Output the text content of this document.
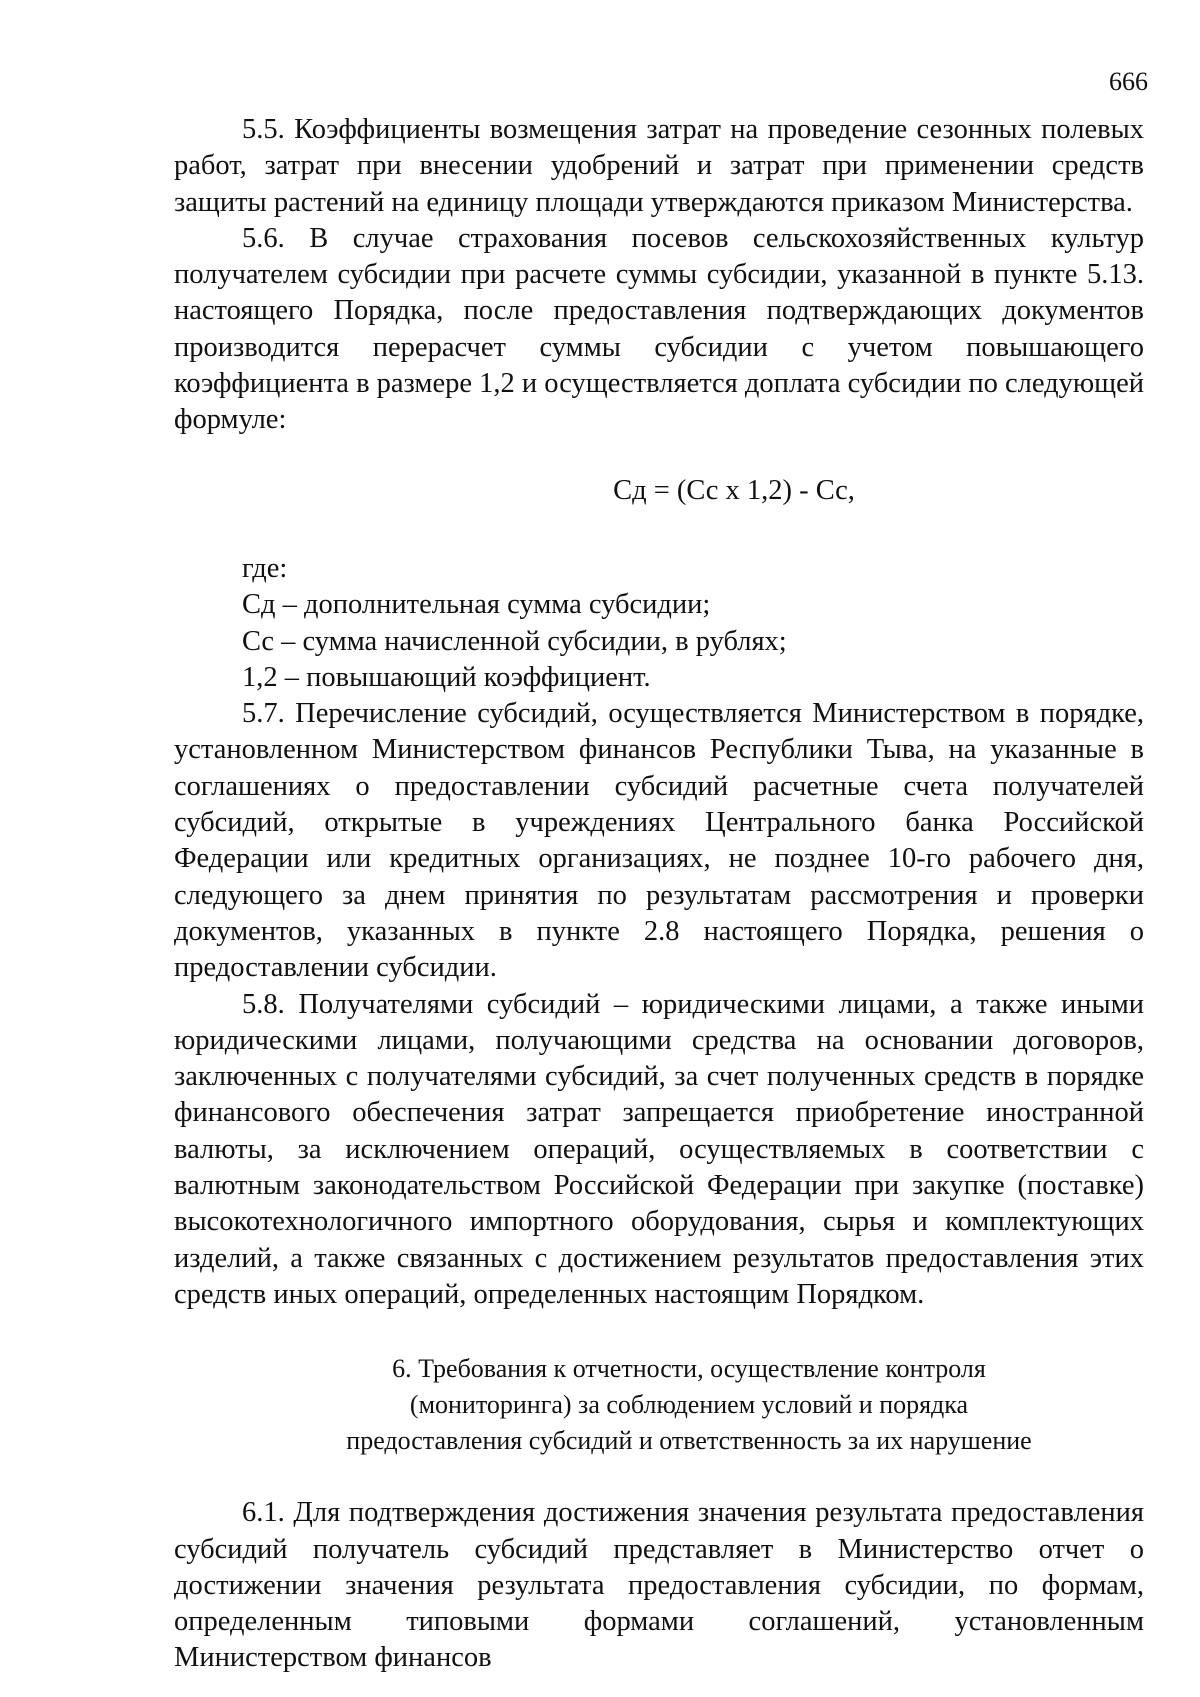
666

5.5. Коэффициенты возмещения затрат на проведение сезонных полевых работ, затрат при внесении удобрений и затрат при применении средств защиты растений на единицу площади утверждаются приказом Министерства.

5.6. В случае страхования посевов сельскохозяйственных культур получателем субсидии при расчете суммы субсидии, указанной в пункте 5.13. настоящего Порядка, после предоставления подтверждающих документов производится перерасчет суммы субсидии с учетом повышающего коэффициента в размере 1,2 и осуществляется доплата субсидии по следующей формуле:

Сд = (Сс х 1,2) - Сс,

где:

Сд – дополнительная сумма субсидии;

Сс – сумма начисленной субсидии, в рублях;

1,2 – повышающий коэффициент.

5.7. Перечисление субсидий, осуществляется Министерством в порядке, установленном Министерством финансов Республики Тыва, на указанные в соглашениях о предоставлении субсидий расчетные счета получателей субсидий, открытые в учреждениях Центрального банка Российской Федерации или кредитных организациях, не позднее 10-го рабочего дня, следующего за днем принятия по результатам рассмотрения и проверки документов, указанных в пункте 2.8 настоящего Порядка, решения о предоставлении субсидии.

5.8. Получателями субсидий – юридическими лицами, а также иными юридическими лицами, получающими средства на основании договоров, заключенных с получателями субсидий, за счет полученных средств в порядке финансового обеспечения затрат запрещается приобретение иностранной валюты, за исключением операций, осуществляемых в соответствии с валютным законодательством Российской Федерации при закупке (поставке) высокотехнологичного импортного оборудования, сырья и комплектующих изделий, а также связанных с достижением результатов предоставления этих средств иных операций, определенных настоящим Порядком.

6. Требования к отчетности, осуществление контроля
(мониторинга) за соблюдением условий и порядка
предоставления субсидий и ответственность за их нарушение

6.1. Для подтверждения достижения значения результата предоставления субсидий получатель субсидий представляет в Министерство отчет о достижении значения результата предоставления субсидии, по формам, определенным типовыми формами соглашений, установленным Министерством финансов
